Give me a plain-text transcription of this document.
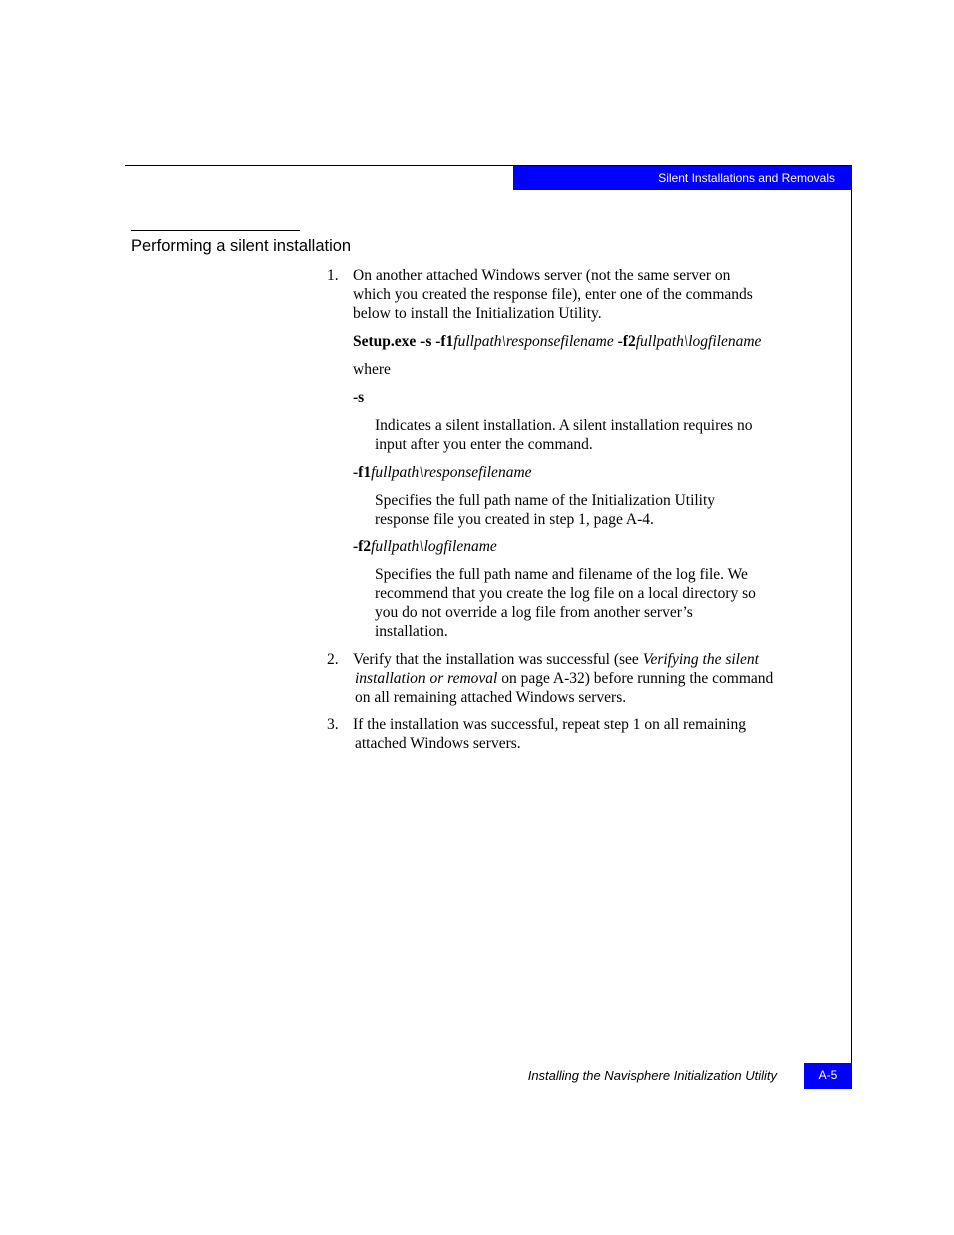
Silent Installations and Removals
Performing a silent installation
1. On another attached Windows server (not the same server on
which you created the response file), enter one of the commands
below to install the Initialization Utility.
Setup.exe -s -f1fullpath\responsefilename -f2fullpath\logfilename
where
-s
Indicates a silent installation. A silent installation requires no
input after you enter the command.
-f1fullpath\responsefilename
Specifies the full path name of the Initialization Utility
response file you created in step 1, page A-4.
-f2fullpath\logfilename
Specifies the full path name and filename of the log file. We
recommend that you create the log file on a local directory so
you do not override a log file from another server’s
installation.
2. Verify that the installation was successful (see Verifying the silent
installation or removal on page A-32) before running the command
on all remaining attached Windows servers.
3. If the installation was successful, repeat step 1 on all remaining
attached Windows servers.
Installing the Navisphere Initialization Utility	A-5
